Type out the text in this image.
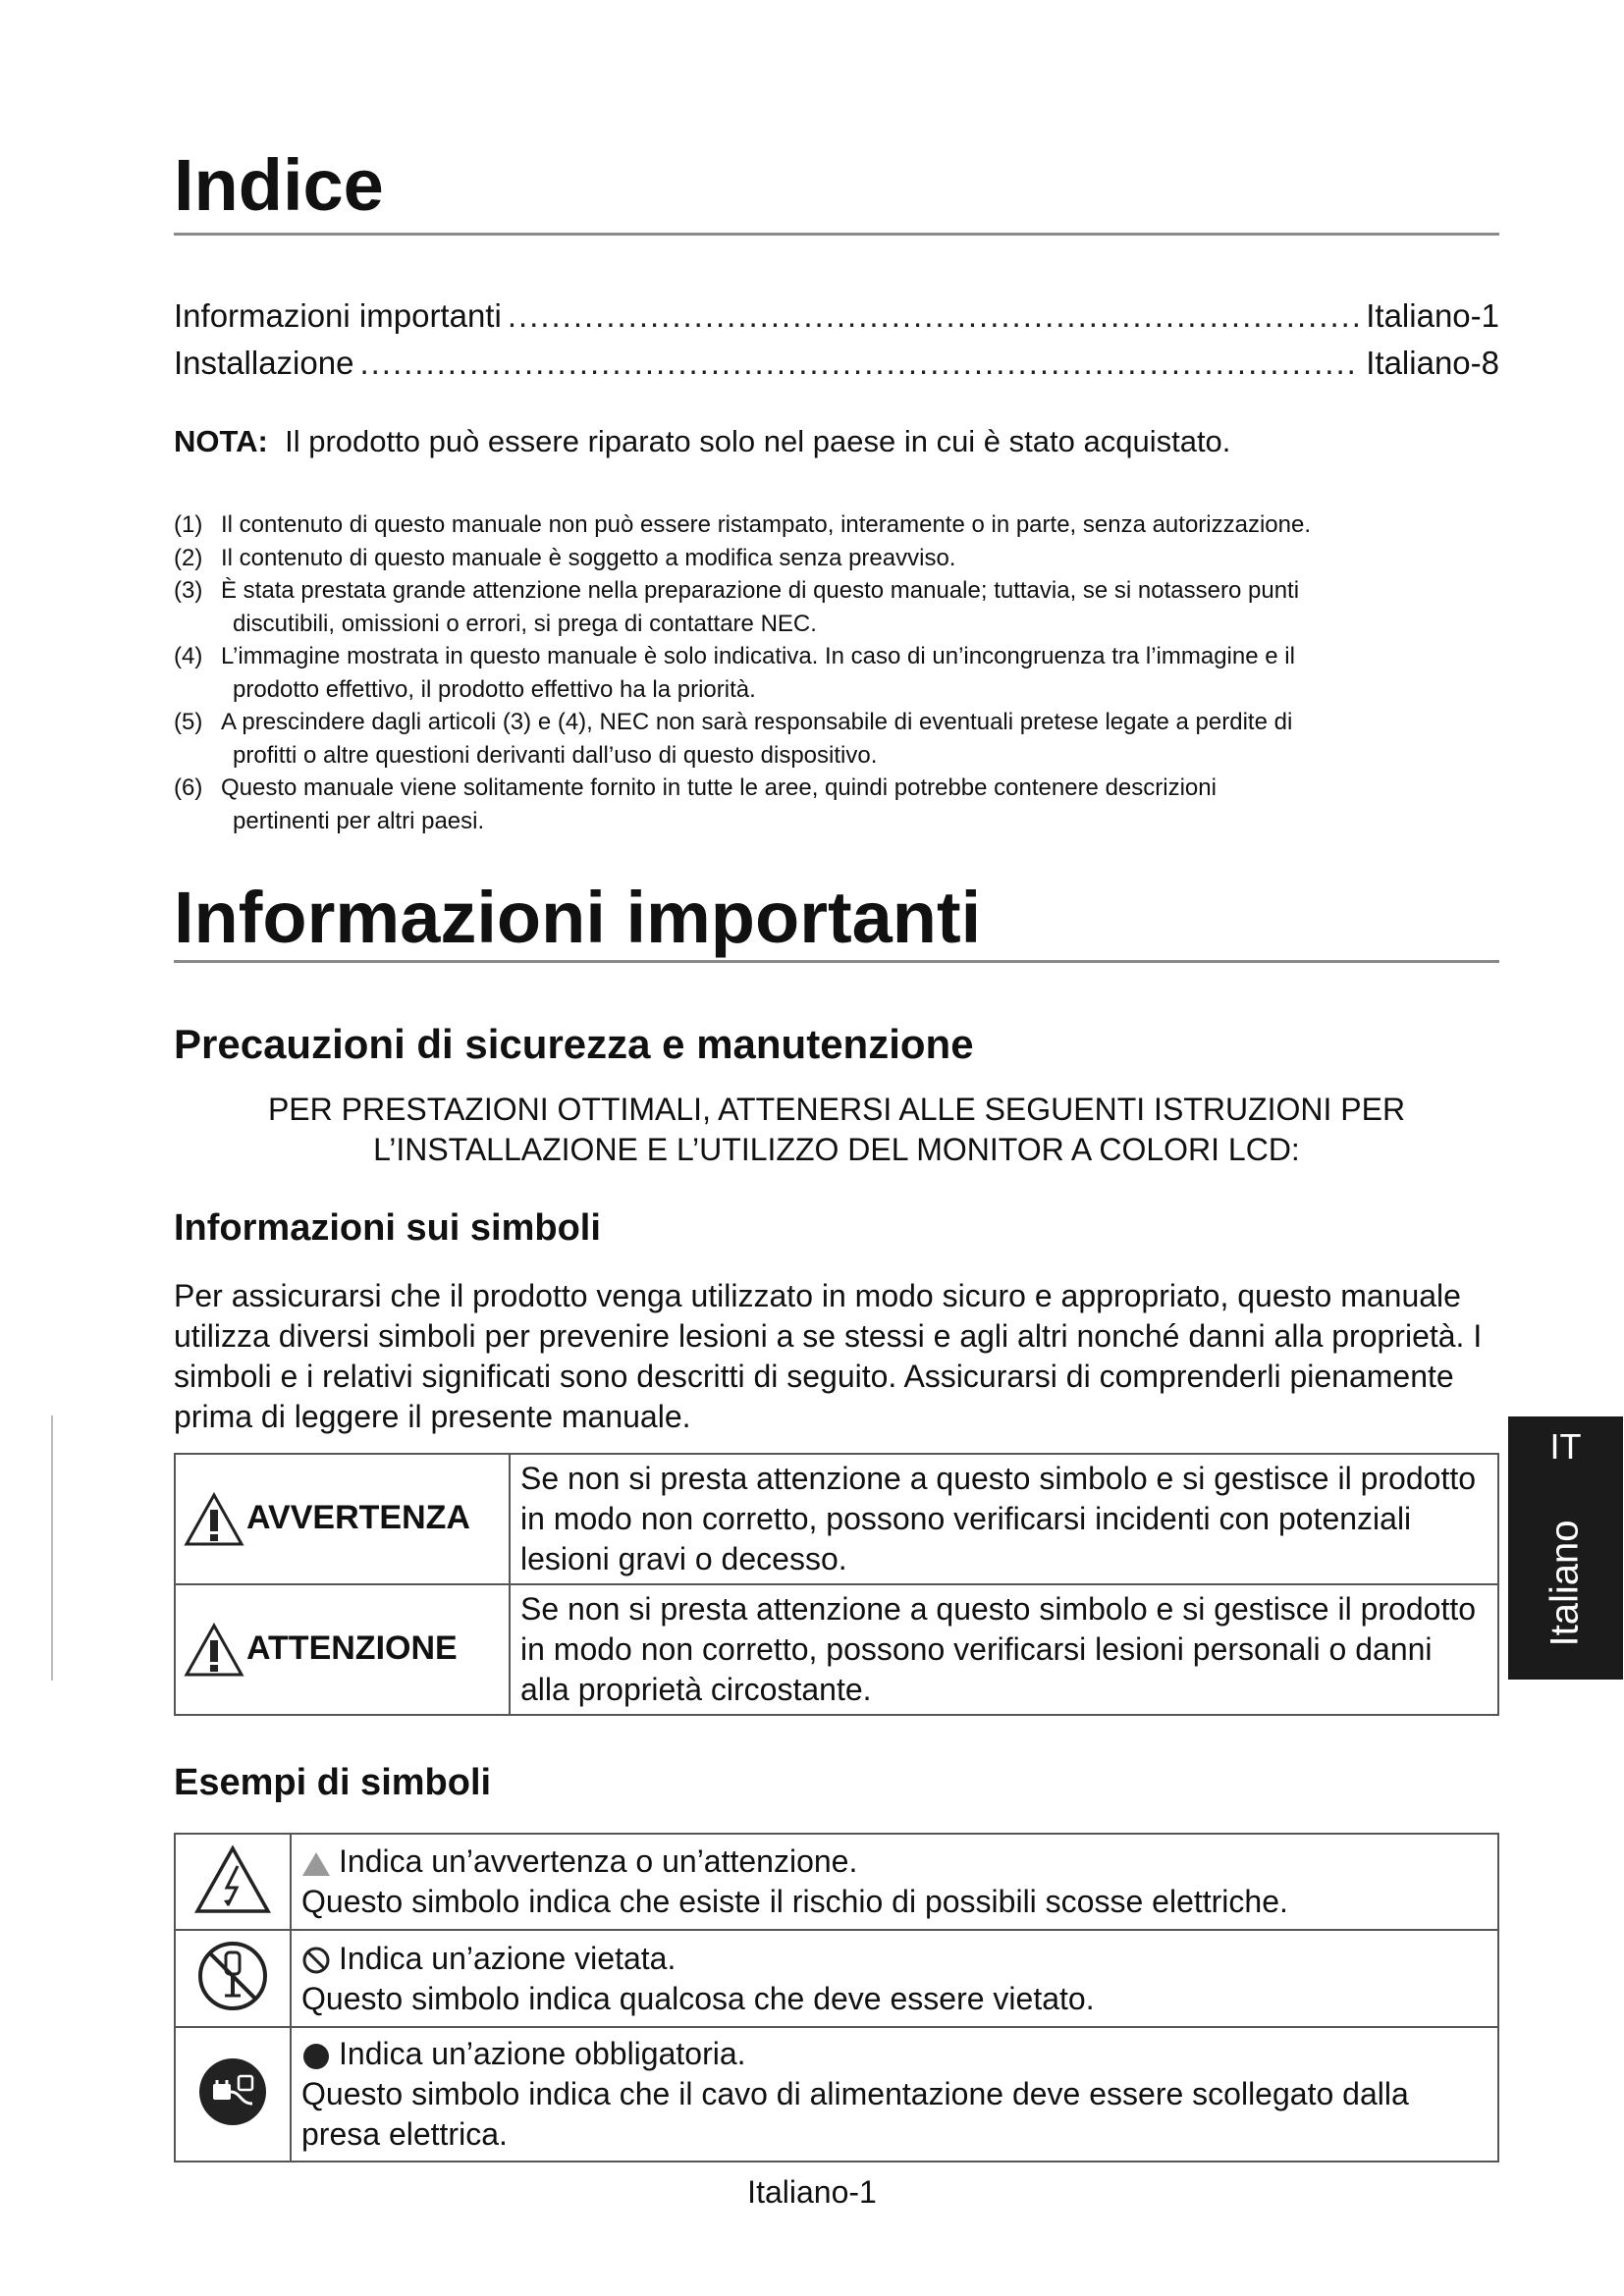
Indice
Informazioni importanti .....	Italiano-1
Installazione .....	Italiano-8

NOTA: Il prodotto può essere riparato solo nel paese in cui è stato acquistato.

(1) Il contenuto di questo manuale non può essere ristampato, interamente o in parte, senza autorizzazione.
(2) Il contenuto di questo manuale è soggetto a modifica senza preavviso.
(3) È stata prestata grande attenzione nella preparazione di questo manuale; tuttavia, se si notassero punti
discutibili, omissioni o errori, si prega di contattare NEC.
(4) L’immagine mostrata in questo manuale è solo indicativa. In caso di un’incongruenza tra l’immagine e il
prodotto effettivo, il prodotto effettivo ha la priorità.
(5) A prescindere dagli articoli (3) e (4), NEC non sarà responsabile di eventuali pretese legate a perdite di
profitti o altre questioni derivanti dall’uso di questo dispositivo.
(6) Questo manuale viene solitamente fornito in tutte le aree, quindi potrebbe contenere descrizioni
pertinenti per altri paesi.
Informazioni importanti
Precauzioni di sicurezza e manutenzione

PER PRESTAZIONI OTTIMALI, ATTENERSI ALLE SEGUENTI ISTRUZIONI PER

L’INSTALLAZIONE E L’UTILIZZO DEL MONITOR A COLORI LCD:

Informazioni sui simboli

Per assicurarsi che il prodotto venga utilizzato in modo sicuro e appropriato, questo manuale utilizza diversi simboli per prevenire lesioni a se stessi e agli altri nonché danni alla proprietà. I simboli e i relativi significati sono descritti di seguito. Assicurarsi di comprenderli pienamente prima di leggere il presente manuale.

AVVERTENZA	Se non si presta attenzione a questo simbolo e si gestisce il prodotto in modo non corretto, possono verificarsi incidenti con potenziali lesioni gravi o decesso.
ATTENZIONE	Se non si presta attenzione a questo simbolo e si gestisce il prodotto in modo non corretto, possono verificarsi lesioni personali o danni alla proprietà circostante.
Esempi di simboli

Indica un’avvertenza o un’attenzione.
Questo simbolo indica che esiste il rischio di possibili scosse elettriche.

Indica un’azione vietata.
Questo simbolo indica qualcosa che deve essere vietato.

Indica un’azione obbligatoria.
Questo simbolo indica che il cavo di alimentazione deve essere scollegato dalla presa elettrica.
IT
Italiano
Italiano-1
